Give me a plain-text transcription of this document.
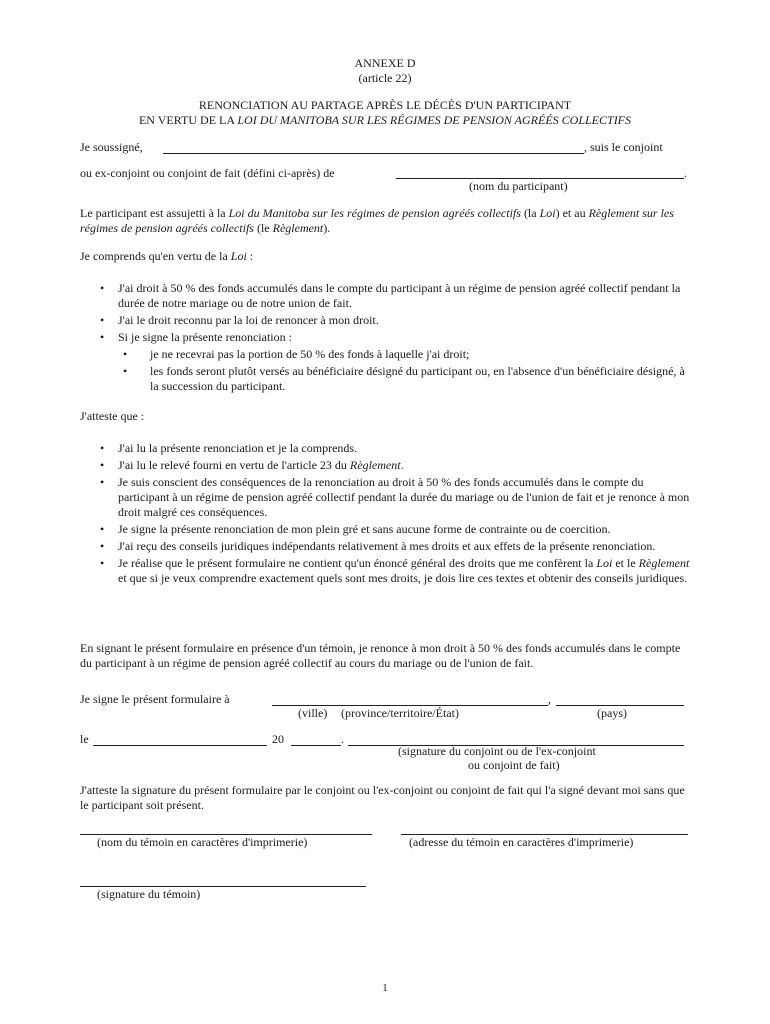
ANNEXE D
(article 22)
RENONCIATION AU PARTAGE APRÈS LE DÉCÈS D'UN PARTICIPANT
EN VERTU DE LA LOI DU MANITOBA SUR LES RÉGIMES DE PENSION AGRÉÉS COLLECTIFS
Je soussigné,	, suis le conjoint
ou ex-conjoint ou conjoint de fait (défini ci-après) de	.
(nom du participant)
Le participant est assujetti à la Loi du Manitoba sur les régimes de pension agréés collectifs (la Loi) et au Règlement sur les régimes de pension agréés collectifs (le Règlement).
Je comprends qu'en vertu de la Loi :
• J'ai droit à 50 % des fonds accumulés dans le compte du participant à un régime de pension agréé collectif pendant la durée de notre mariage ou de notre union de fait.
• J'ai le droit reconnu par la loi de renoncer à mon droit.
• Si je signe la présente renonciation :
• je ne recevrai pas la portion de 50 % des fonds à laquelle j'ai droit;
• les fonds seront plutôt versés au bénéficiaire désigné du participant ou, en l'absence d'un bénéficiaire désigné, à la succession du participant.
J'atteste que :
• J'ai lu la présente renonciation et je la comprends.
• J'ai lu le relevé fourni en vertu de l'article 23 du Règlement.
• Je suis conscient des conséquences de la renonciation au droit à 50 % des fonds accumulés dans le compte du participant à un régime de pension agréé collectif pendant la durée du mariage ou de l'union de fait et je renonce à mon droit malgré ces conséquences.
• Je signe la présente renonciation de mon plein gré et sans aucune forme de contrainte ou de coercition.
• J'ai reçu des conseils juridiques indépendants relativement à mes droits et aux effets de la présente renonciation.
• Je réalise que le présent formulaire ne contient qu'un énoncé général des droits que me confèrent la Loi et le Règlement et que si je veux comprendre exactement quels sont mes droits, je dois lire ces textes et obtenir des conseils juridiques.
En signant le présent formulaire en présence d'un témoin, je renonce à mon droit à 50 % des fonds accumulés dans le compte du participant à un régime de pension agréé collectif au cours du mariage ou de l'union de fait.
Je signe le présent formulaire à	,
(ville) (province/territoire/État)	(pays)
le	20	.
(signature du conjoint ou de l'ex-conjoint
ou conjoint de fait)
J'atteste la signature du présent formulaire par le conjoint ou l'ex-conjoint ou conjoint de fait qui l'a signé devant moi sans que le participant soit présent.
(nom du témoin en caractères d'imprimerie)	(adresse du témoin en caractères d'imprimerie)
(signature du témoin)
1
